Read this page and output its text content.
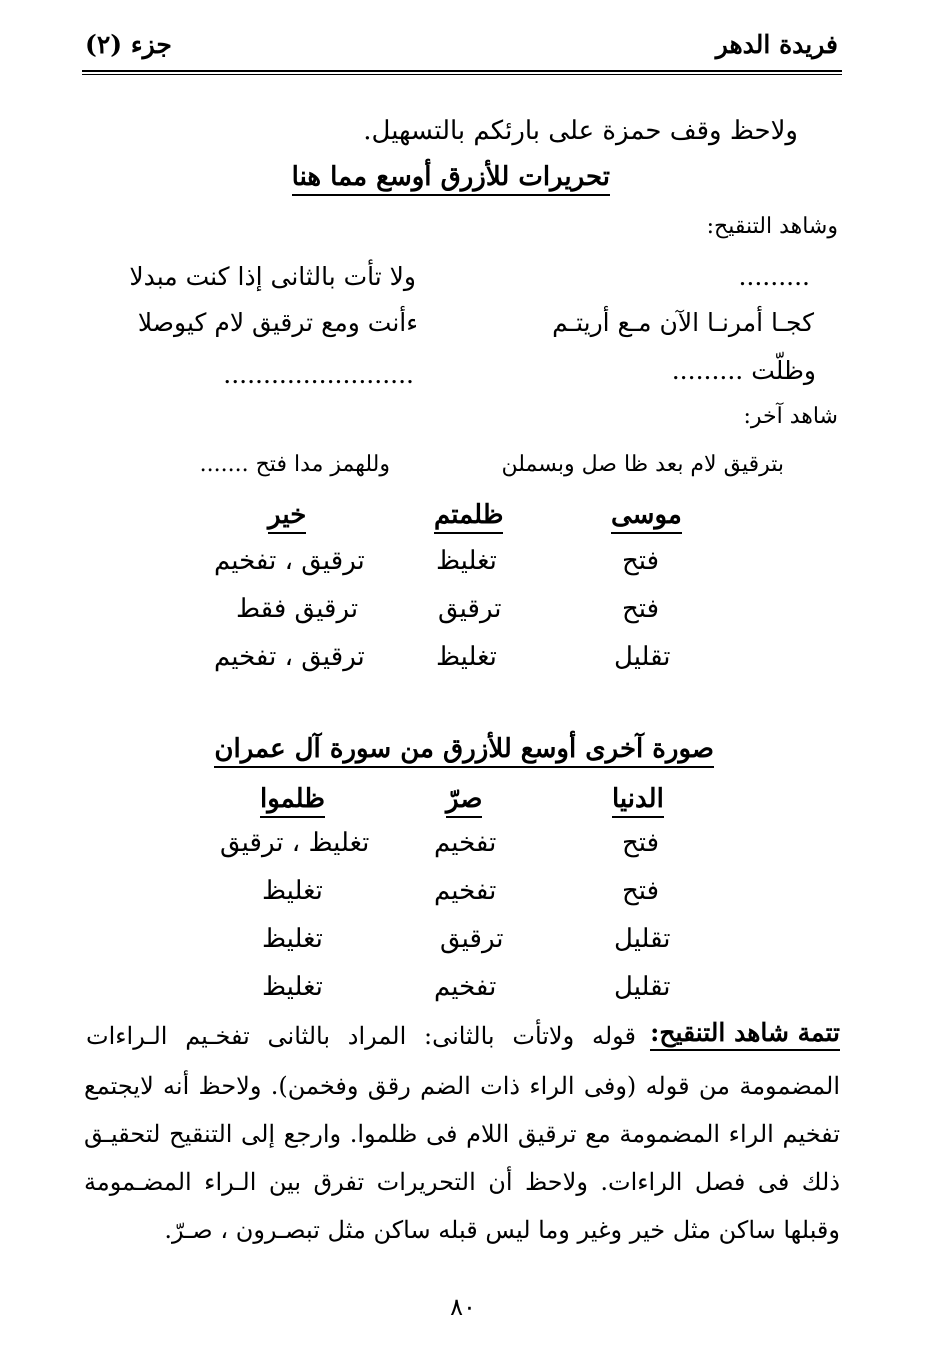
فريدة الدهر
جزء (٢)
ولاحظ وقف حمزة على بارئكم بالتسهيل.
تحريرات للأزرق أوسع مما هنا
وشاهد التنقيح:
.........
ولا تأت بالثانى إذا كنت مبدلا
كجـا أمرنـا الآن مـع أريتـم
ءأنت ومع ترقيق لام كيوصلا
وظلّت .........
........................
شاهد آخر:
بترقيق لام بعد ظا صل وبسملن
وللهمز مدا فتح .......
موسى
ظلمتم
خير
فتح
تغليظ
ترقيق ، تفخيم
فتح
ترقيق
ترقيق فقط
تقليل
تغليظ
ترقيق ، تفخيم
صورة آخرى أوسع للأزرق من سورة آل عمران
الدنيا
صرّ
ظلموا
فتح
تفخيم
تغليظ ، ترقيق
فتح
تفخيم
تغليظ
تقليل
ترقيق
تغليظ
تقليل
تفخيم
تغليظ
تتمة شاهد التنقيح:
قوله ولاتأت بالثانى: المراد بالثانى تفخـيم الـراءات

المضمومة من قوله (وفى الراء ذات الضم رقق وفخمن). ولاحظ أنه لايجتمع

تفخيم الراء المضمومة مع ترقيق اللام فى ظلموا. وارجع إلى التنقيح لتحقيـق

ذلك فى فصل الراءات. ولاحظ أن التحريرات تفرق بين الـراء المضـمومة

وقبلها ساكن مثل خير وغير وما ليس قبله ساكن مثل تبصـرون ، صـرّ.

٨٠
